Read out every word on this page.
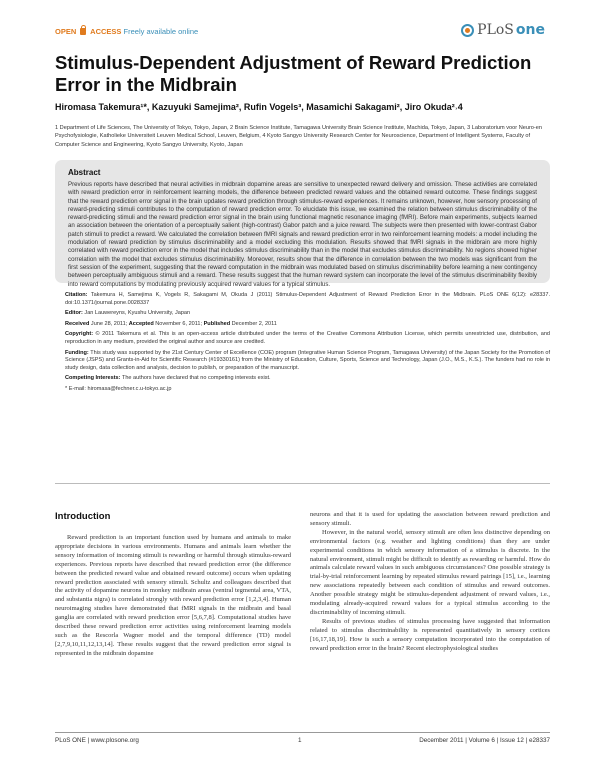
OPEN ACCESS Freely available online	PLoS one
Stimulus-Dependent Adjustment of Reward Prediction Error in the Midbrain
Hiromasa Takemura¹*, Kazuyuki Samejima², Rufin Vogels³, Masamichi Sakagami², Jiro Okuda²˒4
1 Department of Life Sciences, The University of Tokyo, Tokyo, Japan, 2 Brain Science Institute, Tamagawa University Brain Science Institute, Machida, Tokyo, Japan, 3 Laboratorium voor Neuro-en Psychofysiologie, Katholieke Universiteit Leuven Medical School, Leuven, Belgium, 4 Kyoto Sangyo University Research Center for Neuroscience, Department of Intelligent Systems, Faculty of Computer Science and Engineering, Kyoto Sangyo University, Kyoto, Japan
Abstract
Previous reports have described that neural activities in midbrain dopamine areas are sensitive to unexpected reward delivery and omission. These activities are correlated with reward prediction error in reinforcement learning models, the difference between predicted reward values and the obtained reward outcome. These findings suggest that the reward prediction error signal in the brain updates reward prediction through stimulus-reward experiences. It remains unknown, however, how sensory processing of reward-predicting stimuli contributes to the computation of reward prediction error. To elucidate this issue, we examined the relation between stimulus discriminability of the reward-predicting stimuli and the reward prediction error signal in the brain using functional magnetic resonance imaging (fMRI). Before main experiments, subjects learned an association between the orientation of a perceptually salient (high-contrast) Gabor patch and a juice reward. The subjects were then presented with lower-contrast Gabor patch stimuli to predict a reward. We calculated the correlation between fMRI signals and reward prediction error in two reinforcement learning models: a model including the modulation of reward prediction by stimulus discriminability and a model excluding this modulation. Results showed that fMRI signals in the midbrain are more highly correlated with reward prediction error in the model that includes stimulus discriminability than in the model that excludes stimulus discriminability. No regions showed higher correlation with the model that excludes stimulus discriminability. Moreover, results show that the difference in correlation between the two models was significant from the first session of the experiment, suggesting that the reward computation in the midbrain was modulated based on stimulus discriminability before learning a new contingency between perceptually ambiguous stimuli and a reward. These results suggest that the human reward system can incorporate the level of the stimulus discriminability flexibly into reward computations by modulating previously acquired reward values for a typical stimulus.

Citation: Takemura H, Samejima K, Vogels R, Sakagami M, Okuda J (2011) Stimulus-Dependent Adjustment of Reward Prediction Error in the Midbrain. PLoS ONE 6(12): e28337. doi:10.1371/journal.pone.0028337

Editor: Jan Lauwereyns, Kyushu University, Japan

Received June 28, 2011; Accepted November 6, 2011; Published December 2, 2011

Copyright: © 2011 Takemura et al. This is an open-access article distributed under the terms of the Creative Commons Attribution License, which permits unrestricted use, distribution, and reproduction in any medium, provided the original author and source are credited.

Funding: This study was supported by the 21st Century Center of Excellence (COE) program (Integrative Human Science Program, Tamagawa University) of the Japan Society for the Promotion of Science (JSPS) and Grants-in-Aid for Scientific Research (#19330161) from the Ministry of Education, Culture, Sports, Science and Technology, Japan (J.O., M.S., K.S.). The funders had no role in study design, data collection and analysis, decision to publish, or preparation of the manuscript.

Competing Interests: The authors have declared that no competing interests exist.

* E-mail: hiromasa@fechner.c.u-tokyo.ac.jp

Introduction

Reward prediction is an important function used by humans and animals to make appropriate decisions in various environments. Humans and animals learn whether the sensory information of incoming stimuli is rewarding or harmful through stimulus-reward experiences. Previous reports have described that reward prediction error (the difference between the predicted reward value and obtained reward outcome) occurs when updating reward prediction associated with sensory stimuli. Schultz and colleagues described that the activity of dopamine neurons in monkey midbrain areas (ventral tegmental area, VTA, and substantia nigra) is correlated strongly with reward prediction error [1,2,3,4]. Human neuroimaging studies have demonstrated that fMRI signals in the midbrain and basal ganglia are correlated with reward prediction error [5,6,7,8]. Computational studies have described these reward prediction error activities using reinforcement learning models such as the Rescorla Wagner model and the temporal difference (TD) model [2,7,9,10,11,12,13,14]. These results suggest that the reward prediction error signal is represented in the midbrain dopamine

neurons and that it is used for updating the association between reward prediction and sensory stimuli.

However, in the natural world, sensory stimuli are often less distinctive depending on environmental factors (e.g. weather and lighting conditions) than they are under experimental conditions in which sensory information of a stimulus is discrete. In the natural environment, stimuli might be difficult to identify as rewarding or harmful. How do animals calculate reward values in such ambiguous circumstances? One possible strategy is trial-by-trial reinforcement learning by repeated stimulus reward pairings [15], i.e., learning new associations repeatedly between each condition of stimulus and reward outcomes. Another possible strategy might be stimulus-dependent adjustment of reward values, i.e., modulating already-acquired reward values for a typical stimulus according to the discriminability of incoming stimuli.

Results of previous studies of stimulus processing have suggested that information related to stimulus discriminability is represented quantitatively in sensory cortices [16,17,18,19]. How is such a sensory computation incorporated into the computation of reward prediction error in the brain? Recent electrophysiological studies

PLoS ONE | www.plosone.org	1	December 2011 | Volume 6 | Issue 12 | e28337
